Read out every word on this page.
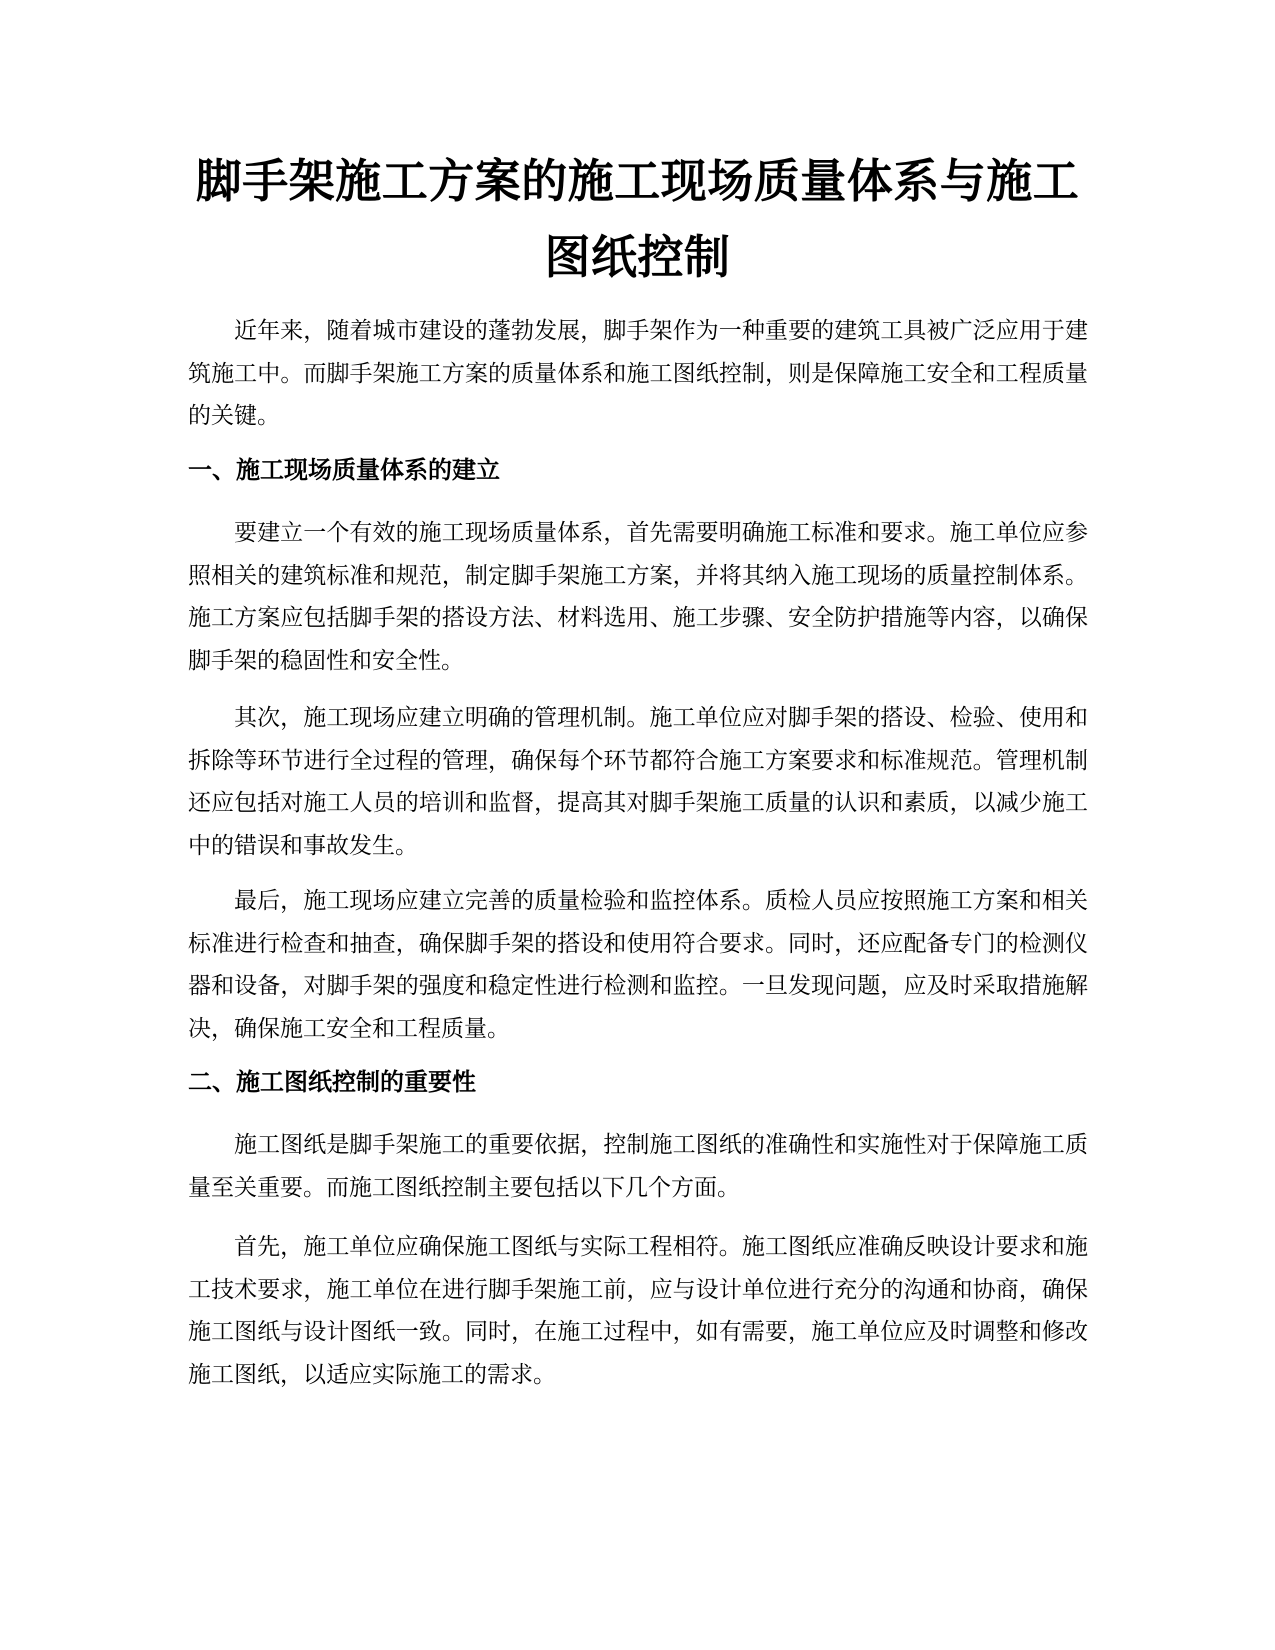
脚手架施工方案的施工现场质量体系与施工
图纸控制

近年来，随着城市建设的蓬勃发展，脚手架作为一种重要的建筑工具被广泛应用于建筑施工中。而脚手架施工方案的质量体系和施工图纸控制，则是保障施工安全和工程质量的关键。

一、施工现场质量体系的建立

要建立一个有效的施工现场质量体系，首先需要明确施工标准和要求。施工单位应参照相关的建筑标准和规范，制定脚手架施工方案，并将其纳入施工现场的质量控制体系。施工方案应包括脚手架的搭设方法、材料选用、施工步骤、安全防护措施等内容，以确保脚手架的稳固性和安全性。

其次，施工现场应建立明确的管理机制。施工单位应对脚手架的搭设、检验、使用和拆除等环节进行全过程的管理，确保每个环节都符合施工方案要求和标准规范。管理机制还应包括对施工人员的培训和监督，提高其对脚手架施工质量的认识和素质，以减少施工中的错误和事故发生。

最后，施工现场应建立完善的质量检验和监控体系。质检人员应按照施工方案和相关标准进行检查和抽查，确保脚手架的搭设和使用符合要求。同时，还应配备专门的检测仪器和设备，对脚手架的强度和稳定性进行检测和监控。一旦发现问题，应及时采取措施解决，确保施工安全和工程质量。

二、施工图纸控制的重要性

施工图纸是脚手架施工的重要依据，控制施工图纸的准确性和实施性对于保障施工质量至关重要。而施工图纸控制主要包括以下几个方面。

首先，施工单位应确保施工图纸与实际工程相符。施工图纸应准确反映设计要求和施工技术要求，施工单位在进行脚手架施工前，应与设计单位进行充分的沟通和协商，确保施工图纸与设计图纸一致。同时，在施工过程中，如有需要，施工单位应及时调整和修改施工图纸，以适应实际施工的需求。
